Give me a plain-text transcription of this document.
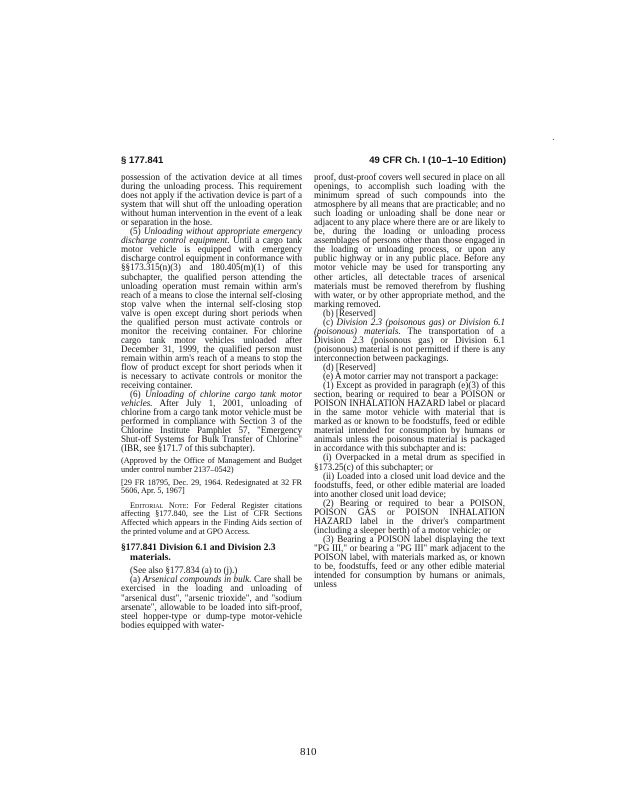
§ 177.841	49 CFR Ch. I (10–1–10 Edition)

possession of the activation device at all times during the unloading process. This requirement does not apply if the activation device is part of a system that will shut off the unloading operation without human intervention in the event of a leak or separation in the hose.

(5) Unloading without appropriate emergency discharge control equipment. Until a cargo tank motor vehicle is equipped with emergency discharge control equipment in conformance with §§173.315(n)(3) and 180.405(m)(1) of this subchapter, the qualified person attending the unloading operation must remain within arm's reach of a means to close the internal self-closing stop valve when the internal self-closing stop valve is open except during short periods when the qualified person must activate controls or monitor the receiving container. For chlorine cargo tank motor vehicles unloaded after December 31, 1999, the qualified person must remain within arm's reach of a means to stop the flow of product except for short periods when it is necessary to activate controls or monitor the receiving container.

(6) Unloading of chlorine cargo tank motor vehicles. After July 1, 2001, unloading of chlorine from a cargo tank motor vehicle must be performed in compliance with Section 3 of the Chlorine Institute Pamphlet 57, "Emergency Shut-off Systems for Bulk Transfer of Chlorine" (IBR, see §171.7 of this subchapter).

(Approved by the Office of Management and Budget under control number 2137–0542)

[29 FR 18795, Dec. 29, 1964. Redesignated at 32 FR 5606, Apr. 5, 1967]

Editorial Note: For Federal Register citations affecting §177.840, see the List of CFR Sections Affected which appears in the Finding Aids section of the printed volume and at GPO Access.

§177.841 Division 6.1 and Division 2.3 materials.

(See also §177.834 (a) to (j).)

(a) Arsenical compounds in bulk. Care shall be exercised in the loading and unloading of "arsenical dust", "arsenic trioxide", and "sodium arsenate", allowable to be loaded into sift-proof, steel hopper-type or dump-type motor-vehicle bodies equipped with water-

proof, dust-proof covers well secured in place on all openings, to accomplish such loading with the minimum spread of such compounds into the atmosphere by all means that are practicable; and no such loading or unloading shall be done near or adjacent to any place where there are or are likely to be, during the loading or unloading process assemblages of persons other than those engaged in the loading or unloading process, or upon any public highway or in any public place. Before any motor vehicle may be used for transporting any other articles, all detectable traces of arsenical materials must be removed therefrom by flushing with water, or by other appropriate method, and the marking removed.

(b) [Reserved]

(c) Division 2.3 (poisonous gas) or Division 6.1 (poisonous) materials. The transportation of a Division 2.3 (poisonous gas) or Division 6.1 (poisonous) material is not permitted if there is any interconnection between packagings.

(d) [Reserved]

(e) A motor carrier may not transport a package:

(1) Except as provided in paragraph (e)(3) of this section, bearing or required to bear a POISON or POISON INHALATION HAZARD label or placard in the same motor vehicle with material that is marked as or known to be foodstuffs, feed or edible material intended for consumption by humans or animals unless the poisonous material is packaged in accordance with this subchapter and is:

(i) Overpacked in a metal drum as specified in §173.25(c) of this subchapter; or

(ii) Loaded into a closed unit load device and the foodstuffs, feed, or other edible material are loaded into another closed unit load device;

(2) Bearing or required to bear a POISON, POISON GAS or POISON INHALATION HAZARD label in the driver's compartment (including a sleeper berth) of a motor vehicle; or

(3) Bearing a POISON label displaying the text "PG III," or bearing a "PG III" mark adjacent to the POISON label, with materials marked as, or known to be, foodstuffs, feed or any other edible material intended for consumption by humans or animals, unless

810
